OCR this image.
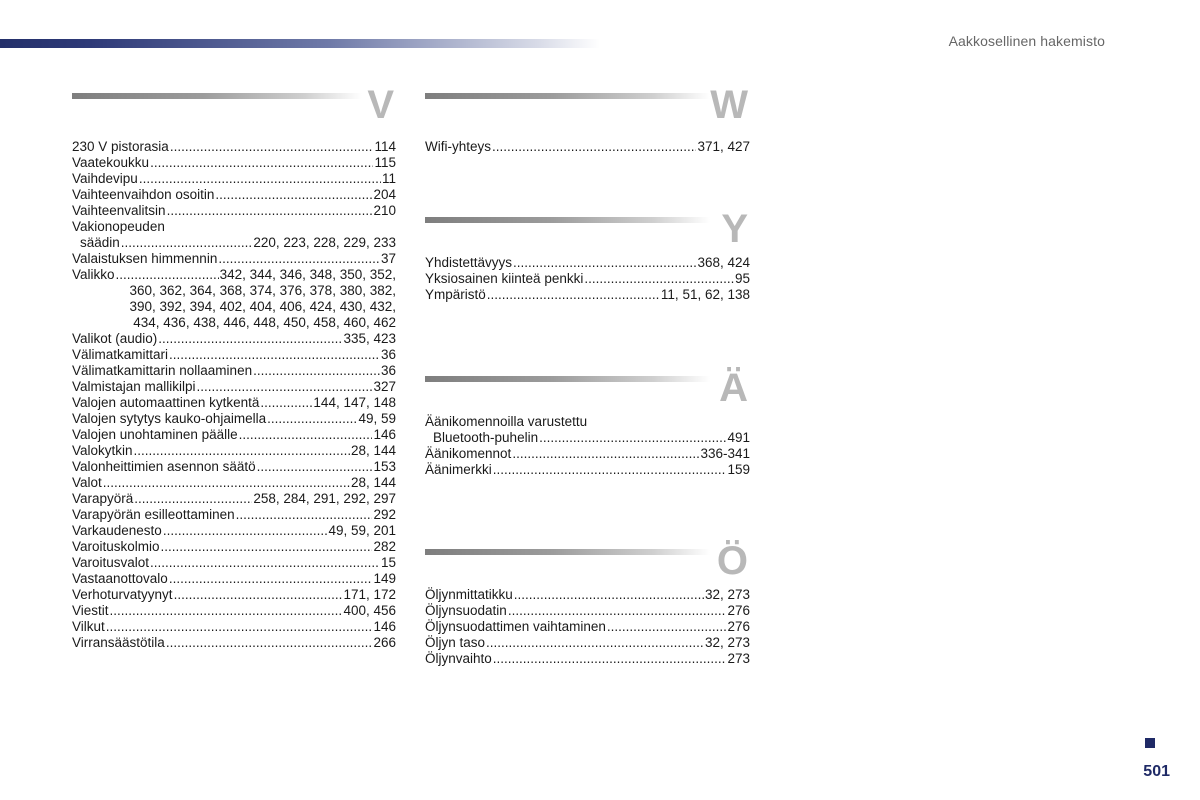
Aakkosellinen hakemisto
V
230 V pistorasia .....	114
Vaatekoukku .....	115
Vaihdevipu .....	11
Vaihteenvaihdon osoitin .....	204
Vaihteenvalitsin .....	210
Vakionopeuden
säädin .....	220, 223, 228, 229, 233
Valaistuksen himmennin .....	37
Valikko .....	342, 344, 346, 348, 350, 352,
360, 362, 364, 368, 374, 376, 378, 380, 382,
390, 392, 394, 402, 404, 406, 424, 430, 432,
434, 436, 438, 446, 448, 450, 458, 460, 462
Valikot (audio) .....	335, 423
Välimatkamittari .....	36
Välimatkamittarin nollaaminen .....	36
Valmistajan mallikilpi .....	327
Valojen automaattinen kytkentä .....	144, 147, 148
Valojen sytytys kauko-ohjaimella .....	49, 59
Valojen unohtaminen päälle .....	146
Valokytkin .....	28, 144
Valonheittimien asennon säätö .....	153
Valot .....	28, 144
Varapyörä .....	258, 284, 291, 292, 297
Varapyörän esilleottaminen .....	292
Varkaudenesto .....	49, 59, 201
Varoituskolmio .....	282
Varoitusvalot .....	15
Vastaanottovalo .....	149
Verhoturvatyynyt .....	171, 172
Viestit .....	400, 456
Vilkut .....	146
Virransäästötila .....	266
W
Wifi-yhteys .....	371, 427
Y
Yhdistettävyys .....	368, 424
Yksiosainen kiinteä penkki .....	95
Ympäristö .....	11, 51, 62, 138
Ä
Äänikomennoilla varustettu
Bluetooth-puhelin .....	491
Äänikomennot .....	336-341
Äänimerkki .....	159
Ö
Öljynmittatikku .....	32, 273
Öljynsuodatin .....	276
Öljynsuodattimen vaihtaminen .....	276
Öljyn taso .....	32, 273
Öljynvaihto .....	273
501
